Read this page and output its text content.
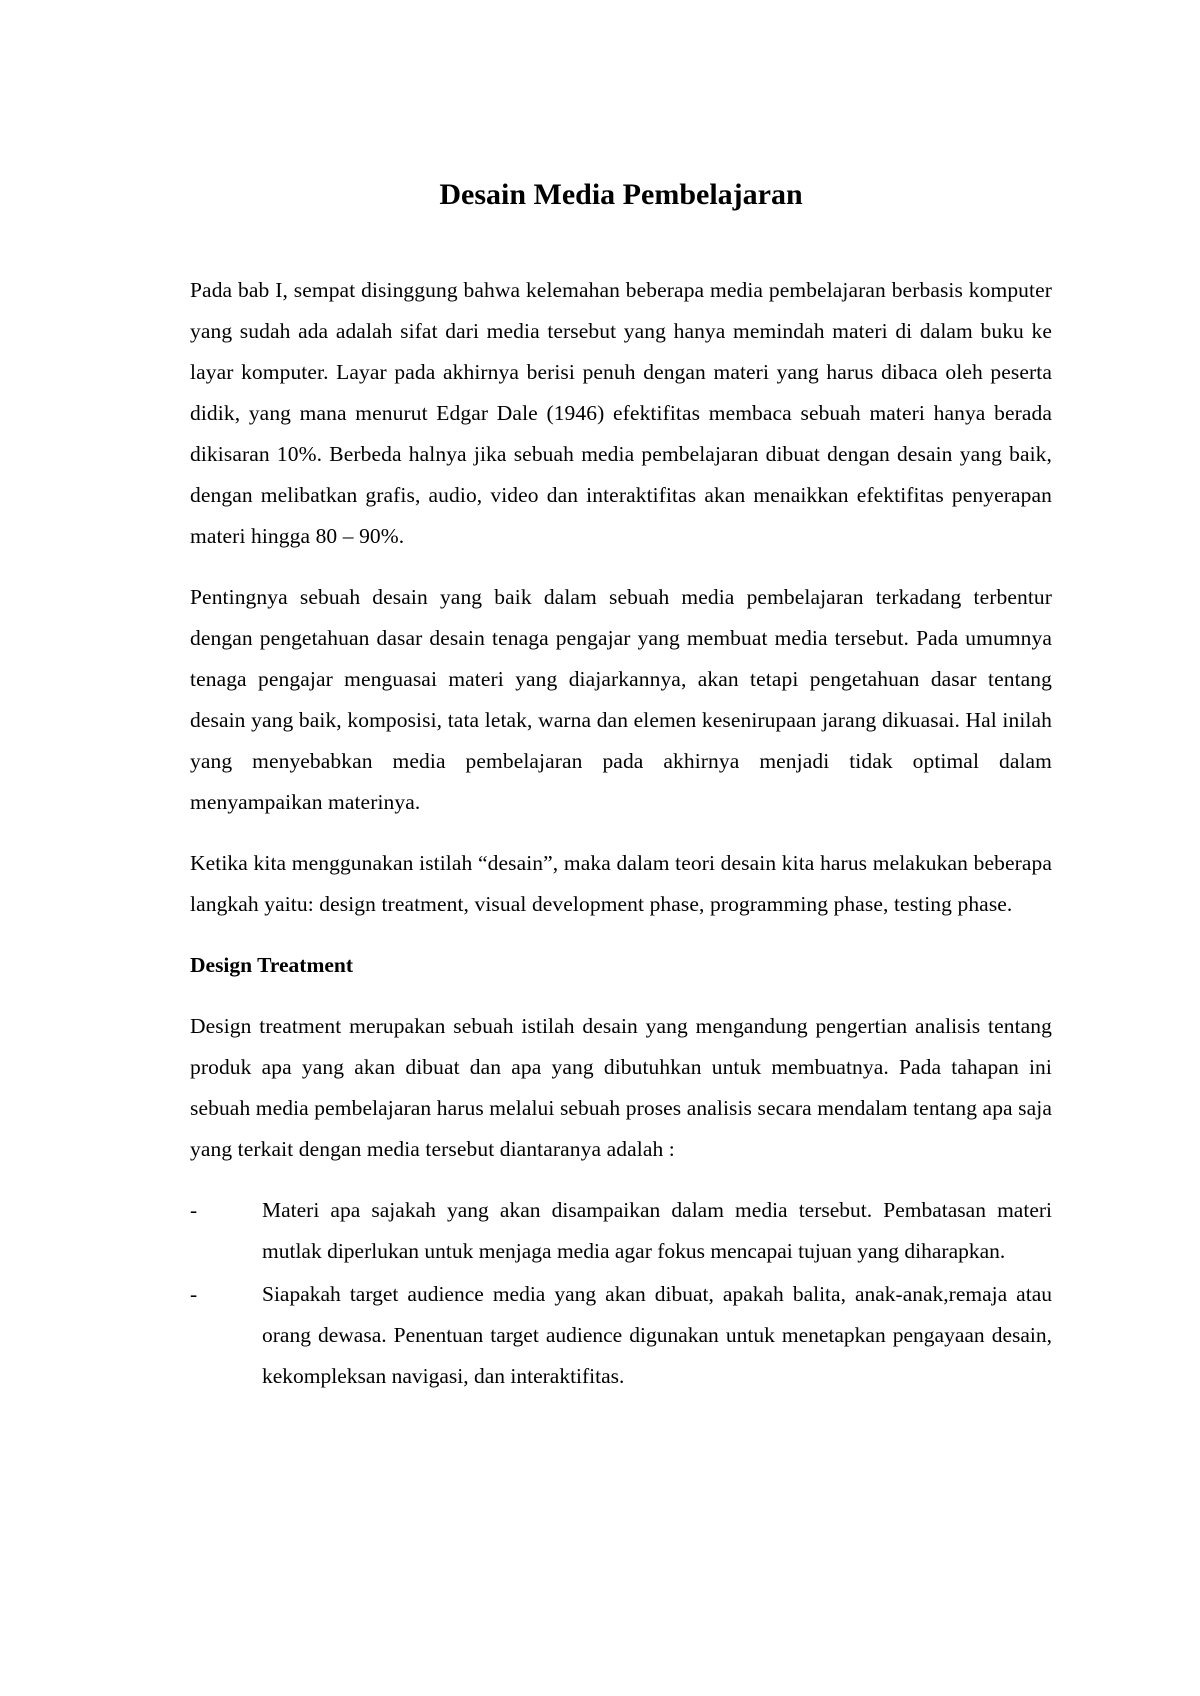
Desain Media Pembelajaran

Pada bab I, sempat disinggung bahwa kelemahan beberapa media pembelajaran berbasis komputer yang sudah ada adalah sifat dari media tersebut yang hanya memindah materi di dalam buku ke layar komputer. Layar pada akhirnya berisi penuh dengan materi yang harus dibaca oleh peserta didik, yang mana menurut Edgar Dale (1946) efektifitas membaca sebuah materi hanya berada dikisaran 10%. Berbeda halnya jika sebuah media pembelajaran dibuat dengan desain yang baik, dengan melibatkan grafis, audio, video dan interaktifitas akan menaikkan efektifitas penyerapan materi hingga 80 – 90%.

Pentingnya sebuah desain yang baik dalam sebuah media pembelajaran terkadang terbentur dengan pengetahuan dasar desain tenaga pengajar yang membuat media tersebut. Pada umumnya tenaga pengajar menguasai materi yang diajarkannya, akan tetapi pengetahuan dasar tentang desain yang baik, komposisi, tata letak, warna dan elemen kesenirupaan jarang dikuasai. Hal inilah yang menyebabkan media pembelajaran pada akhirnya menjadi tidak optimal dalam menyampaikan materinya.

Ketika kita menggunakan istilah “desain”, maka dalam teori desain kita harus melakukan beberapa langkah yaitu: design treatment, visual development phase, programming phase, testing phase.

Design Treatment

Design treatment merupakan sebuah istilah desain yang mengandung pengertian analisis tentang produk apa yang akan dibuat dan apa yang dibutuhkan untuk membuatnya. Pada tahapan ini sebuah media pembelajaran harus melalui sebuah proses analisis secara mendalam tentang apa saja yang terkait dengan media tersebut diantaranya adalah :

-	Materi apa sajakah yang akan disampaikan dalam media tersebut. Pembatasan materi mutlak diperlukan untuk menjaga media agar fokus mencapai tujuan yang diharapkan.
-	Siapakah target audience media yang akan dibuat, apakah balita, anak-anak,remaja atau orang dewasa. Penentuan target audience digunakan untuk menetapkan pengayaan desain, kekompleksan navigasi, dan interaktifitas.
